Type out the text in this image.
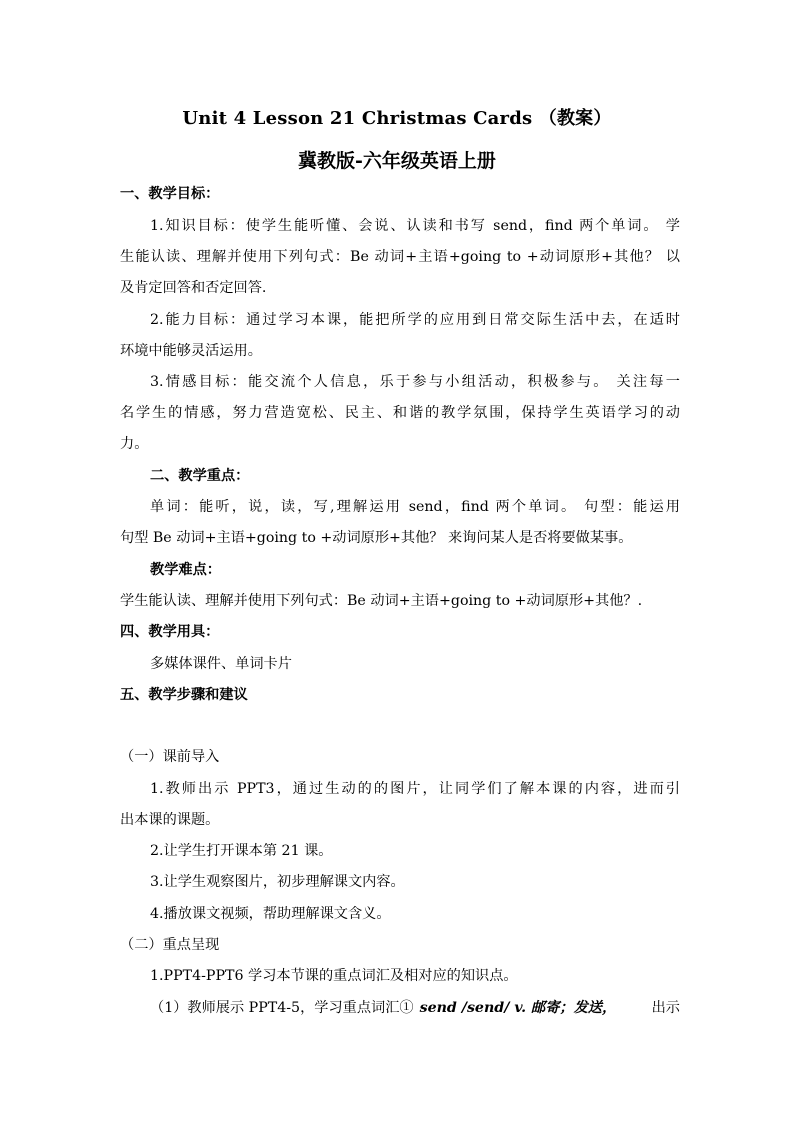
Unit 4 Lesson 21 Christmas Cards （教案）
冀教版-六年级英语上册
一、教学目标：
1.知识目标：使学生能听懂、会说、认读和书写 send，find 两个单词。 学
生能认读、理解并使用下列句式：Be 动词+主语+going to +动词原形+其他？ 以
及肯定回答和否定回答.
2.能力目标：通过学习本课，能把所学的应用到日常交际生活中去，在适时
环境中能够灵活运用。
3.情感目标：能交流个人信息，乐于参与小组活动，积极参与。 关注每一
名学生的情感，努力营造宽松、民主、和谐的教学氛围，保持学生英语学习的动
力。
二、教学重点：
单词：能听，说，读，写,理解运用 send，find 两个单词。 句型：能运用
句型 Be 动词+主语+going to +动词原形+其他？ 来询问某人是否将要做某事。
教学难点：
学生能认读、理解并使用下列句式：Be 动词+主语+going to +动词原形+其他？.
四、教学用具：
多媒体课件、单词卡片
五、教学步骤和建议
（一）课前导入
1.教师出示 PPT3，通过生动的的图片，让同学们了解本课的内容，进而引
出本课的课题。
2.让学生打开课本第 21 课。
3.让学生观察图片，初步理解课文内容。
4.播放课文视频，帮助理解课文含义。
（二）重点呈现
1.PPT4-PPT6 学习本节课的重点词汇及相对应的知识点。
（1）教师展示 PPT4-5，学习重点词汇① send /send/ v. 邮寄；发送， 出示
